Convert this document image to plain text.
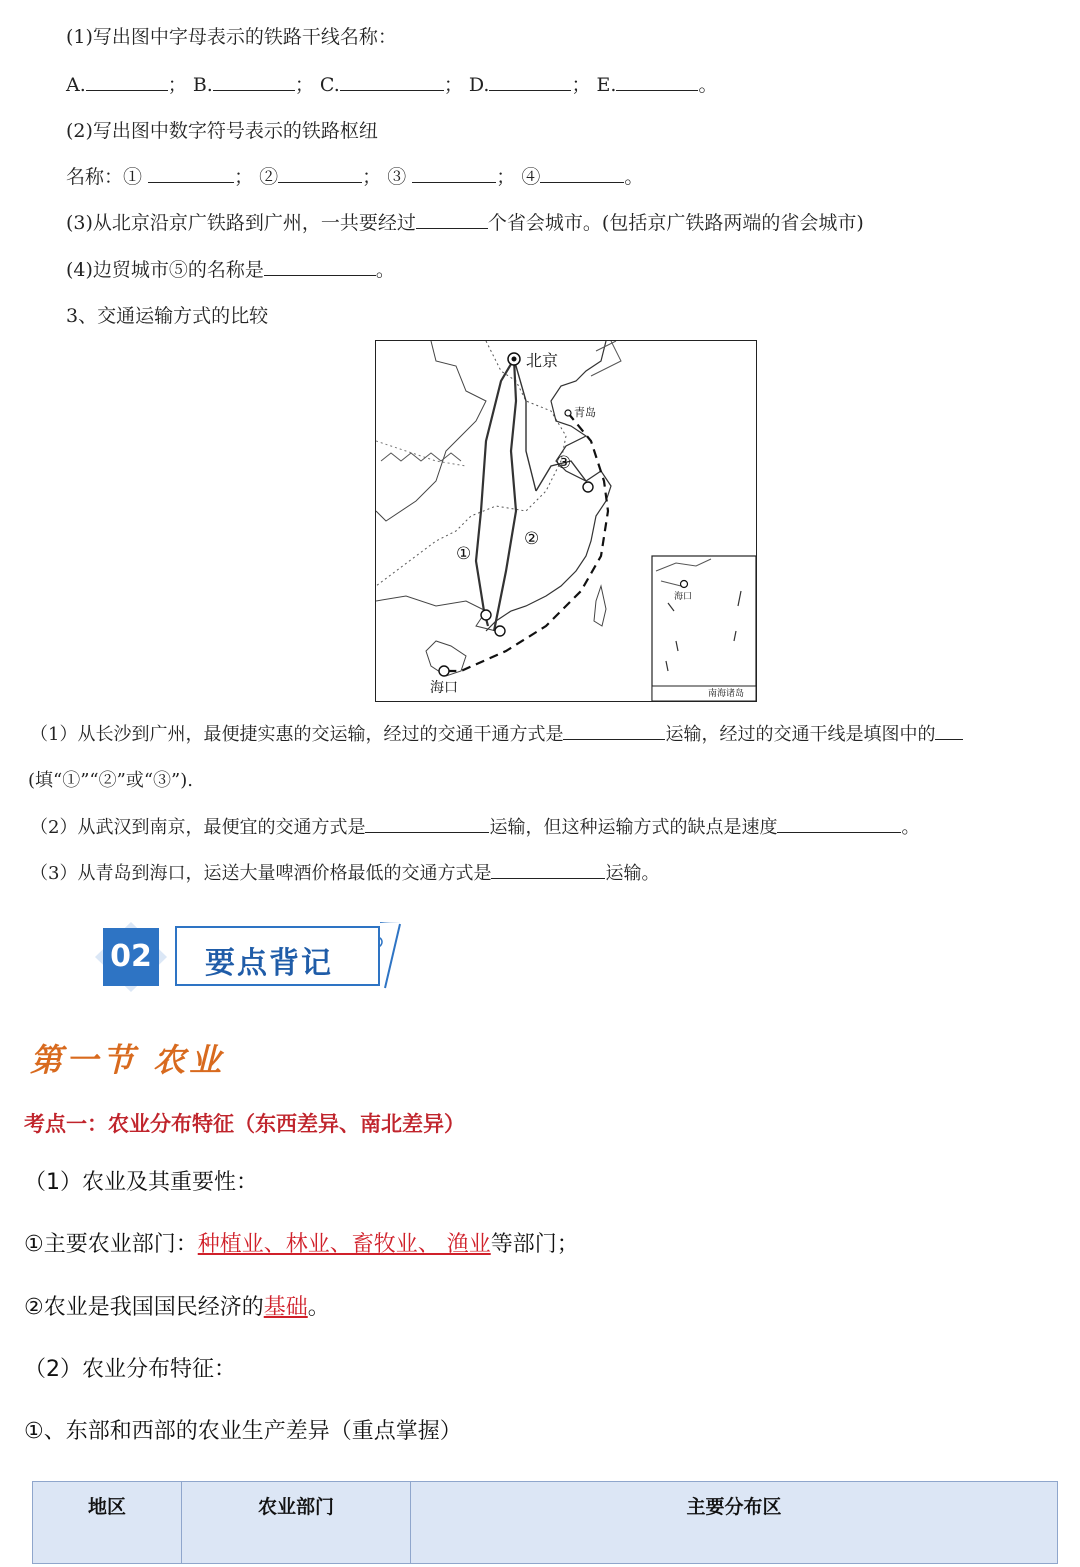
(1)写出图中字母表示的铁路干线名称：
A.	； B.	； C.	； D.	； E.	。
(2)写出图中数字符号表示的铁路枢纽
名称：①	； ②	； ③	； ④	。
(3)从北京沿京广铁路到广州，一共要经过	个省会城市。(包括京广铁路两端的省会城市)
(4)边贸城市⑤的名称是	。
3、交通运输方式的比较
北京
青岛
海口
①
②
③
海口
南海诸岛
（1）从长沙到广州，最便捷实惠的交运输，经过的交通干通方式是	运输，经过的交通干线是填图中的
(填“①”“②”或“③”).
（2）从武汉到南京，最便宜的交通方式是	运输，但这种运输方式的缺点是速度	。
（3）从青岛到海口，运送大量啤酒价格最低的交通方式是	运输。
02 要点背记
第一节 农业
考点一：农业分布特征（东西差异、南北差异）
（1）农业及其重要性：
①主要农业部门：种植业、林业、畜牧业、 渔业等部门；
②农业是我国国民经济的基础。
（2）农业分布特征：
①、东部和西部的农业生产差异（重点掌握）
地区	农业部门	主要分布区
